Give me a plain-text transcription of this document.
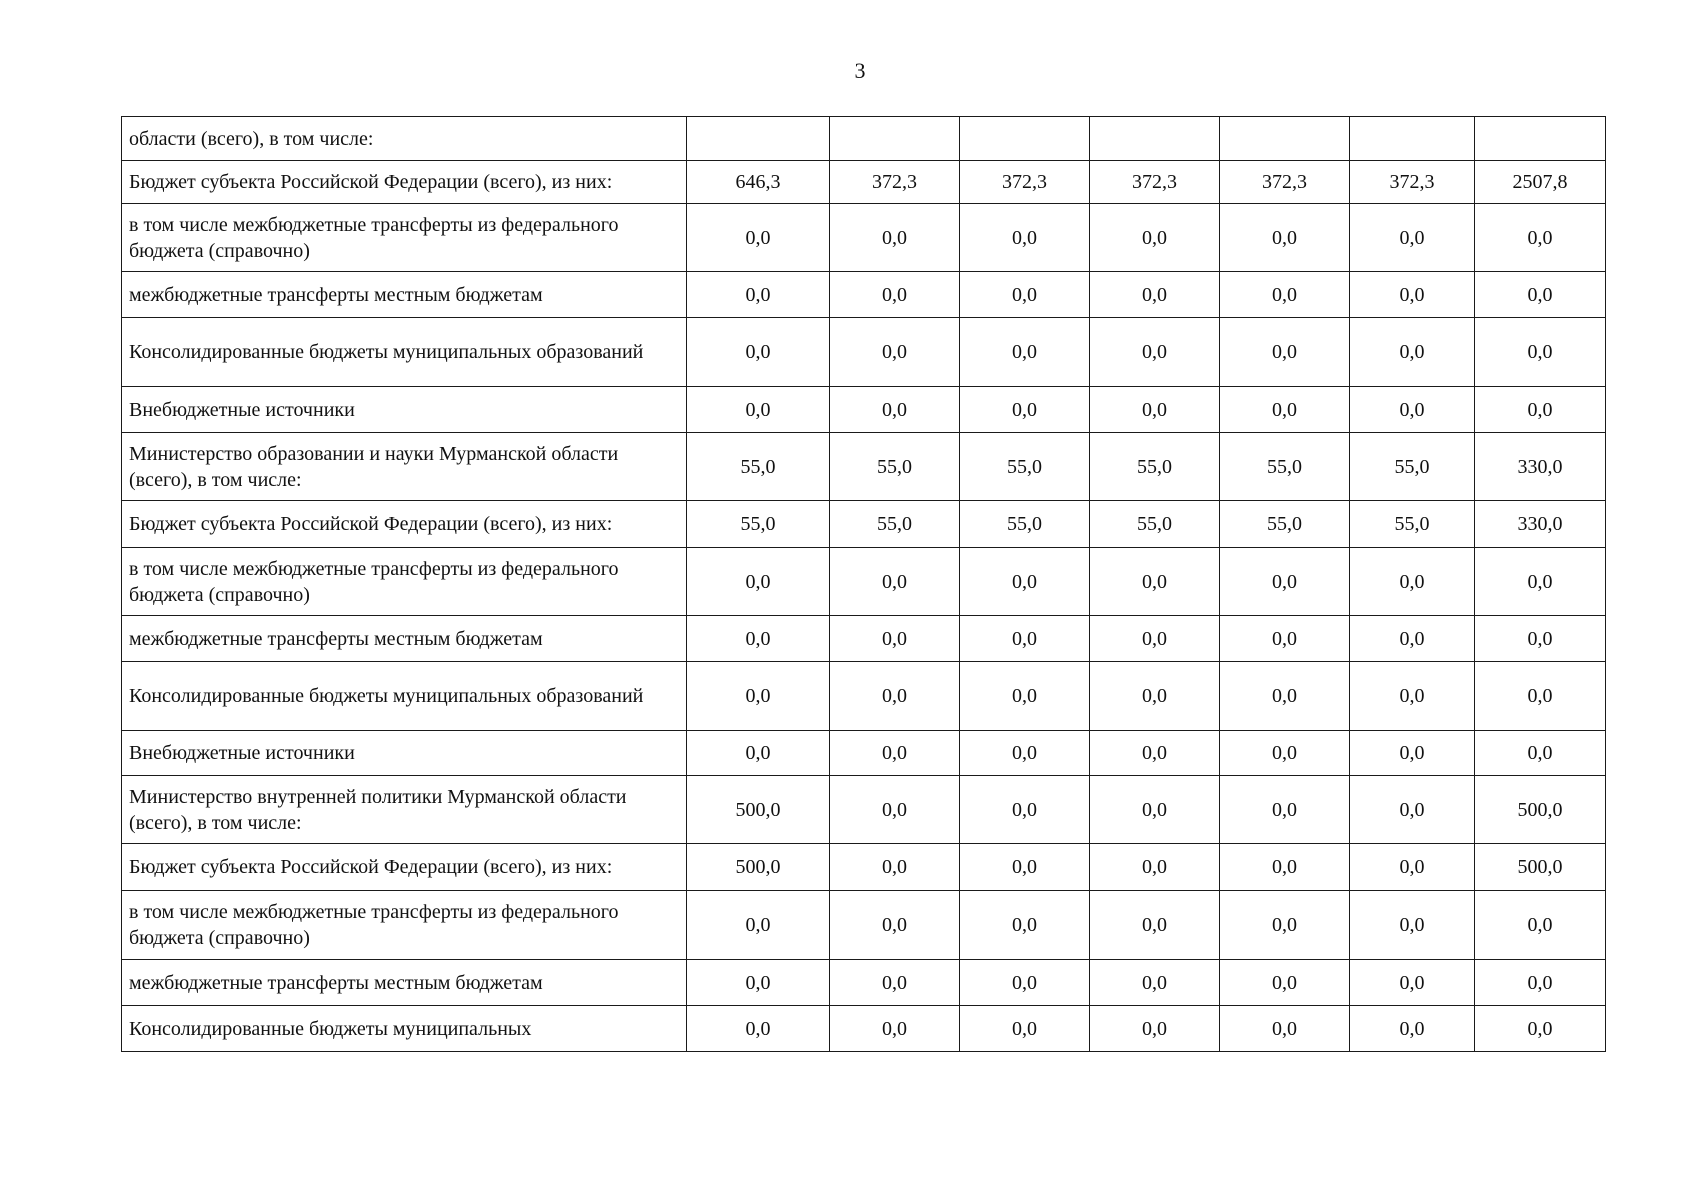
3
области (всего), в том числе:							
Бюджет субъекта Российской Федерации (всего), из них:	646,3	372,3	372,3	372,3	372,3	372,3	2507,8
в том числе межбюджетные трансферты из федерального бюджета (справочно)	0,0	0,0	0,0	0,0	0,0	0,0	0,0
межбюджетные трансферты местным бюджетам	0,0	0,0	0,0	0,0	0,0	0,0	0,0
Консолидированные бюджеты муниципальных образований	0,0	0,0	0,0	0,0	0,0	0,0	0,0
Внебюджетные источники	0,0	0,0	0,0	0,0	0,0	0,0	0,0
Министерство образовании и науки Мурманской области (всего), в том числе:	55,0	55,0	55,0	55,0	55,0	55,0	330,0
Бюджет субъекта Российской Федерации (всего), из них:	55,0	55,0	55,0	55,0	55,0	55,0	330,0
в том числе межбюджетные трансферты из федерального бюджета (справочно)	0,0	0,0	0,0	0,0	0,0	0,0	0,0
межбюджетные трансферты местным бюджетам	0,0	0,0	0,0	0,0	0,0	0,0	0,0
Консолидированные бюджеты муниципальных образований	0,0	0,0	0,0	0,0	0,0	0,0	0,0
Внебюджетные источники	0,0	0,0	0,0	0,0	0,0	0,0	0,0
Министерство внутренней политики Мурманской области (всего), в том числе:	500,0	0,0	0,0	0,0	0,0	0,0	500,0
Бюджет субъекта Российской Федерации (всего), из них:	500,0	0,0	0,0	0,0	0,0	0,0	500,0
в том числе межбюджетные трансферты из федерального бюджета (справочно)	0,0	0,0	0,0	0,0	0,0	0,0	0,0
межбюджетные трансферты местным бюджетам	0,0	0,0	0,0	0,0	0,0	0,0	0,0
Консолидированные бюджеты муниципальных	0,0	0,0	0,0	0,0	0,0	0,0	0,0
